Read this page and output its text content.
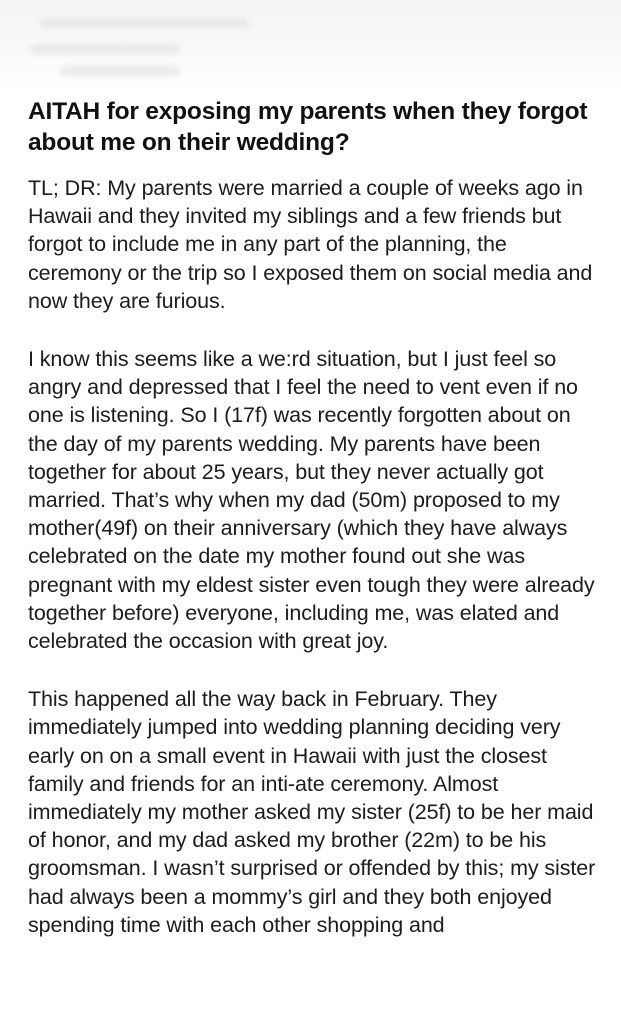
AITAH for exposing my parents when they forgot about me on their wedding?

TL; DR: My parents were married a couple of weeks ago in Hawaii and they invited my siblings and a few friends but forgot to include me in any part of the planning, the ceremony or the trip so I exposed them on social media and now they are furious.

I know this seems like a we:rd situation, but I just feel so angry and depressed that I feel the need to vent even if no one is listening. So I (17f) was recently forgotten about on the day of my parents wedding. My parents have been together for about 25 years, but they never actually got married. That’s why when my dad (50m) proposed to my mother(49f) on their anniversary (which they have always celebrated on the date my mother found out she was pregnant with my eldest sister even tough they were already together before) everyone, including me, was elated and celebrated the occasion with great joy.

This happened all the way back in February. They immediately jumped into wedding planning deciding very early on on a small event in Hawaii with just the closest family and friends for an inti-ate ceremony. Almost immediately my mother asked my sister (25f) to be her maid of honor, and my dad asked my brother (22m) to be his groomsman. I wasn’t surprised or offended by this; my sister had always been a mommy’s girl and they both enjoyed spending time with each other shopping and
